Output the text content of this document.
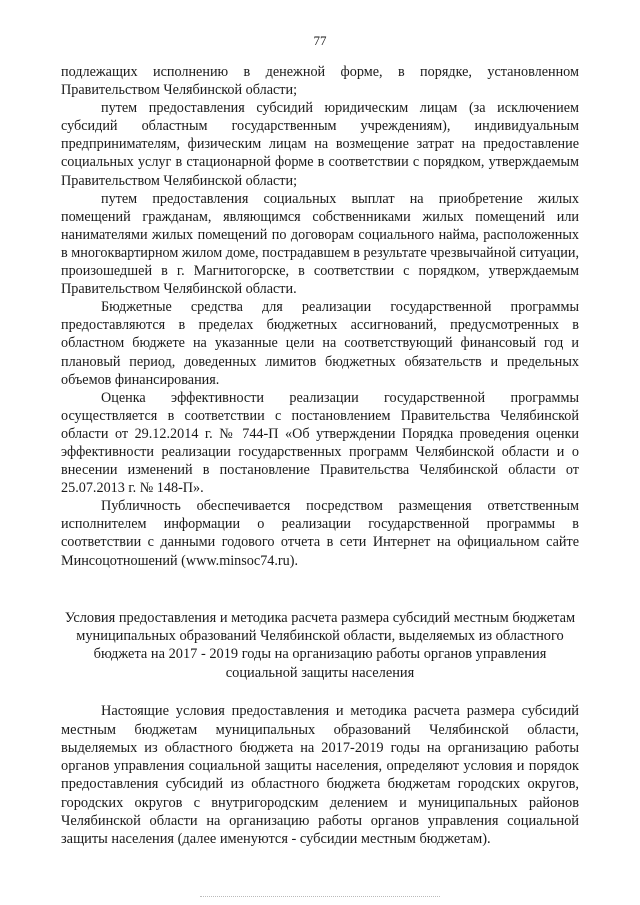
77

подлежащих исполнению в денежной форме, в порядке, установленном Правительством Челябинской области;

путем предоставления субсидий юридическим лицам (за исключением субсидий областным государственным учреждениям), индивидуальным предпринимателям, физическим лицам на возмещение затрат на предоставление социальных услуг в стационарной форме в соответствии с порядком, утверждаемым Правительством Челябинской области;

путем предоставления социальных выплат на приобретение жилых помещений гражданам, являющимся собственниками жилых помещений или нанимателями жилых помещений по договорам социального найма, расположенных в многоквартирном жилом доме, пострадавшем в результате чрезвычайной ситуации, произошедшей в г. Магнитогорске, в соответствии с порядком, утверждаемым Правительством Челябинской области.

Бюджетные средства для реализации государственной программы предоставляются в пределах бюджетных ассигнований, предусмотренных в областном бюджете на указанные цели на соответствующий финансовый год и плановый период, доведенных лимитов бюджетных обязательств и предельных объемов финансирования.

Оценка эффективности реализации государственной программы осуществляется в соответствии с постановлением Правительства Челябинской области от 29.12.2014 г. № 744-П «Об утверждении Порядка проведения оценки эффективности реализации государственных программ Челябинской области и о внесении изменений в постановление Правительства Челябинской области от 25.07.2013 г. № 148-П».

Публичность обеспечивается посредством размещения ответственным исполнителем информации о реализации государственной программы в соответствии с данными годового отчета в сети Интернет на официальном сайте Минсоцотношений (www.minsoc74.ru).

Условия предоставления и методика расчета размера субсидий местным бюджетам муниципальных образований Челябинской области, выделяемых из областного бюджета на 2017 - 2019 годы на организацию работы органов управления социальной защиты населения

Настоящие условия предоставления и методика расчета размера субсидий местным бюджетам муниципальных образований Челябинской области, выделяемых из областного бюджета на 2017-2019 годы на организацию работы органов управления социальной защиты населения, определяют условия и порядок предоставления субсидий из областного бюджета бюджетам городских округов, городских округов с внутригородским делением и муниципальных районов Челябинской области на организацию работы органов управления социальной защиты населения (далее именуются - субсидии местным бюджетам).
